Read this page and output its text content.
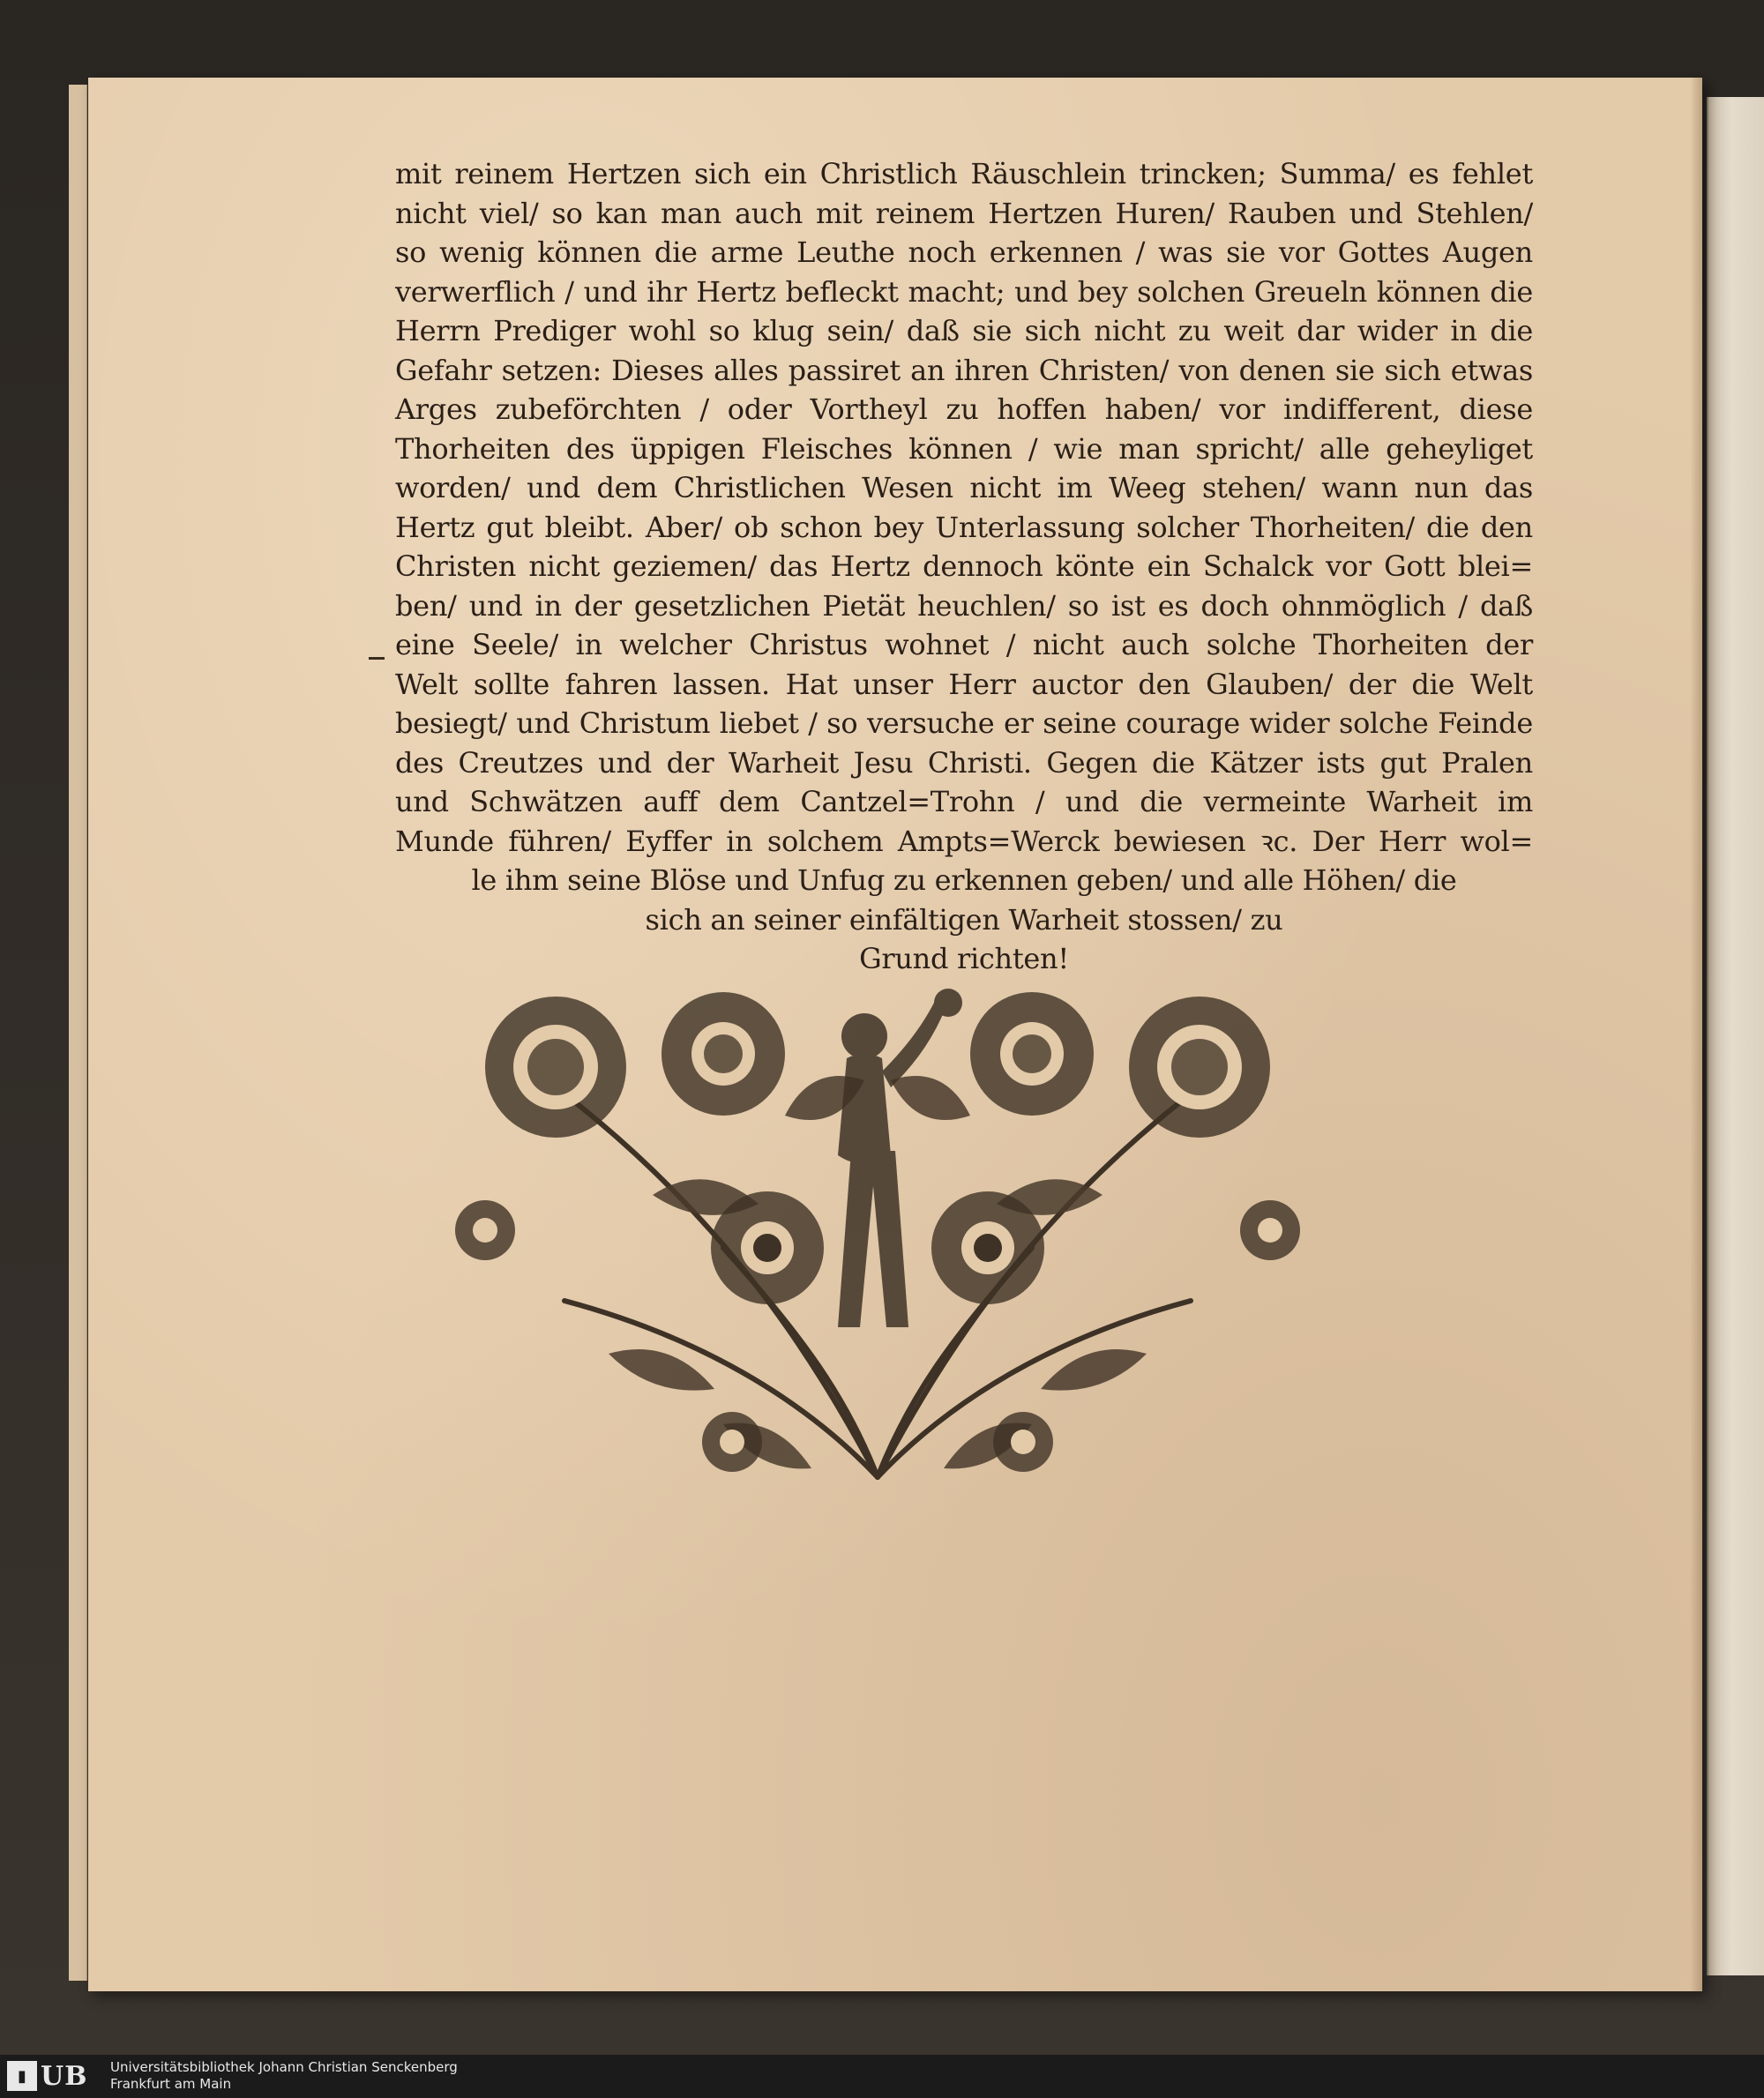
mit reinem Hertzen sich ein Christlich Räuschlein trincken; Summa/ es fehlet
nicht viel/ so kan man auch mit reinem Hertzen Huren/ Rauben und Stehlen/
so wenig können die arme Leuthe noch erkennen / was sie vor Gottes Augen
verwerflich / und ihr Hertz befleckt macht; und bey solchen Greueln können die
Herrn Prediger wohl so klug sein/ daß sie sich nicht zu weit dar wider in die
Gefahr setzen: Dieses alles passiret an ihren Christen/ von denen sie sich etwas
Arges zubeförchten / oder Vortheyl zu hoffen haben/ vor indifferent, diese
Thorheiten des üppigen Fleisches können / wie man spricht/ alle geheyliget
worden/ und dem Christlichen Wesen nicht im Weeg stehen/ wann nun das
Hertz gut bleibt. Aber/ ob schon bey Unterlassung solcher Thorheiten/ die den
Christen nicht geziemen/ das Hertz dennoch könte ein Schalck vor Gott blei=
ben/ und in der gesetzlichen Pietät heuchlen/ so ist es doch ohnmöglich / daß
eine Seele/ in welcher Christus wohnet / nicht auch solche Thorheiten der
Welt sollte fahren lassen. Hat unser Herr auctor den Glauben/ der die Welt
besiegt/ und Christum liebet / so versuche er seine courage wider solche Feinde
des Creutzes und der Warheit Jesu Christi. Gegen die Kätzer ists gut Pralen
und Schwätzen auff dem Cantzel=Trohn / und die vermeinte Warheit im
Munde führen/ Eyffer in solchem Ampts=Werck bewiesen ꝛc. Der Herr wol=
le ihm seine Blöse und Unfug zu erkennen geben/ und alle Höhen/ die
sich an seiner einfältigen Warheit stossen/ zu
Grund richten!
▮ UB Universitätsbibliothek Johann Christian Senckenberg
Frankfurt am Main
